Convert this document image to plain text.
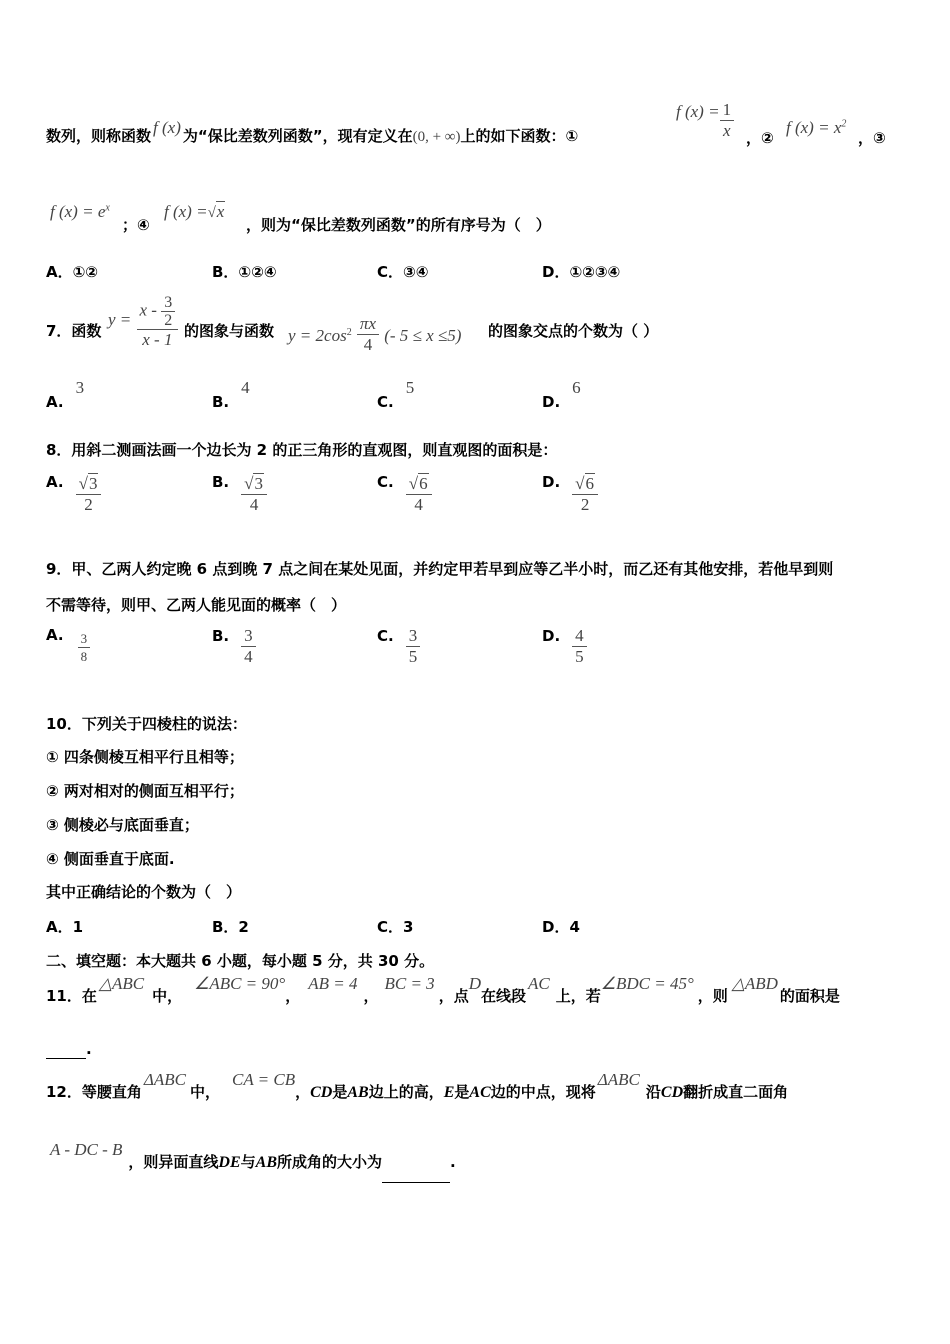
数列，则称函数 f (x) 为“保比差数列函数”，现有定义在(0, + ∞)上的如下函数：①
f $(x) = \frac{1}{x}$ ，②
f $(x) = x^2$
，③
f $(x) = e^x$
；④
f (x) =√x
，则为“保比差数列函数”的所有序号为（　）
A．①②	B．①②④	C．③④	D．①②③④
7．函数
$y = \frac{x - \frac{3}{2}}{x - 1}$ 的图象与函数 $y = 2\cos^2 \frac{\pi x}{4}$ (- 5 ≤ x ≤5) 的图象交点的个数为（ ）
A.3
B.4
C.5
D.6
8．用斜二测画法画一个边长为 2 的正三角形的直观图，则直观图的面积是：
A. $\frac{√3}{2}$	B. $\frac{√3}{4}$	C. $\frac{√6}{4}$	D. $\frac{√6}{2}$
9．甲、乙两人约定晚 6 点到晚 7 点之间在某处见面，并约定甲若早到应等乙半小时，而乙还有其他安排，若他早到则
不需等待，则甲、乙两人能见面的概率（　）
A. $\frac{3}{8}$	B. $\frac{3}{4}$	C. $\frac{3}{5}$	D. $\frac{4}{5}$
10．下列关于四棱柱的说法：
① 四条侧棱互相平行且相等；
② 两对相对的侧面互相平行；
③ 侧棱必与底面垂直；
④ 侧面垂直于底面.
其中正确结论的个数为（　）
A．1	B．2	C．3	D．4
二、填空题：本大题共 6 小题，每小题 5 分，共 30 分。
11．在△ABC中，∠ABC = 90°，AB = 4，BC = 3，点D在线段AC上，若∠BDC = 45°，则△ABD的面积是
.
12．等腰直角ΔABC中，CA = CB，CD是AB边上的高，E是AC边的中点，现将ΔABC沿CD翻折成直二面角
A - DC - B，则异面直线DE与AB所成角的大小为	.
